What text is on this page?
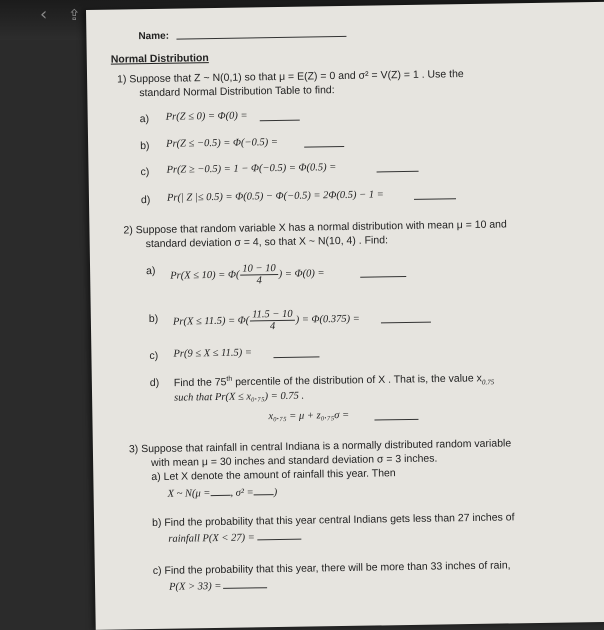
‹ ⇪
Name:
Normal Distribution
1) Suppose that Z ~ N(0,1) so that μ = E(Z) = 0 and σ² = V(Z) = 1 . Use the
standard Normal Distribution Table to find:
a) Pr(Z ≤ 0) = Φ(0) =
b) Pr(Z ≤ −0.5) = Φ(−0.5) =
c) Pr(Z ≥ −0.5) = 1 − Φ(−0.5) = Φ(0.5) =
d) Pr(| Z |≤ 0.5) = Φ(0.5) − Φ(−0.5) = 2Φ(0.5) − 1 =
2) Suppose that random variable X has a normal distribution with mean μ = 10 and
standard deviation σ = 4, so that X ~ N(10, 4) . Find:
a) $Pr(X \le 10) = \Phi( \frac{10 - 10}{4}$ ) = Φ(0) =
b) $Pr(X \le 11.5) = \Phi( \frac{11.5 - 10}{4}$ ) = Φ(0.375) =
c) Pr(9 ≤ X ≤ 11.5) =
d) Find the 75th percentile of the distribution of X . That is, the value $x_{0.75}$
such that Pr(X ≤ x₀.₇₅) = 0.75 .
x₀.₇₅ = μ + z₀.₇₅σ =
3) Suppose that rainfall in central Indiana is a normally distributed random variable
with mean μ = 30 inches and standard deviation σ = 3 inches.
a) Let X denote the amount of rainfall this year. Then
X ~ N(μ = , σ² = )
b) Find the probability that this year central Indians gets less than 27 inches of
rainfall P(X < 27) =
c) Find the probability that this year, there will be more than 33 inches of rain,
P(X > 33) =
